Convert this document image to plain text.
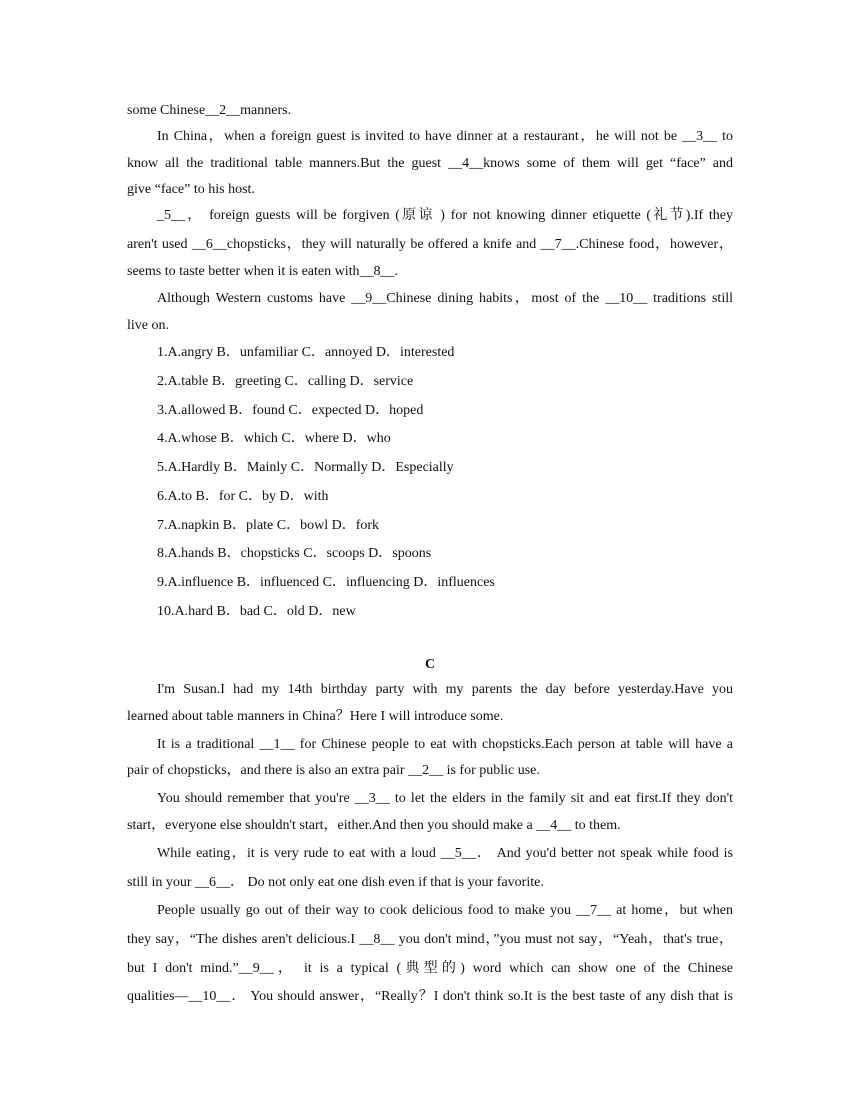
some Chinese__2__manners.
In China，when a foreign guest is invited to have dinner at a restaurant，he will not be __3__ to
know all the traditional table manners.But the guest __4__knows some of them will get “face” and
give “face” to his host.
_5__， foreign guests will be forgiven (原谅 ) for not knowing dinner etiquette (礼节).If they
aren't used __6__chopsticks，they will naturally be offered a knife and __7__.Chinese food，however，
seems to taste better when it is eaten with__8__.
Although Western customs have __9__Chinese dining habits，most of the __10__ traditions still
live on.
1.A.angry B．unfamiliar C．annoyed D．interested
2.A.table B．greeting C．calling D．service
3.A.allowed B．found C．expected D．hoped
4.A.whose B．which C．where D．who
5.A.Hardly B．Mainly C．Normally D．Especially
6.A.to B．for C．by D．with
7.A.napkin B．plate C．bowl D．fork
8.A.hands B．chopsticks C．scoops D．spoons
9.A.influence B．influenced C．influencing D．influences
10.A.hard B．bad C．old D．new
C
I'm Susan.I had my 14th birthday party with my parents the day before yesterday.Have you
learned about table manners in China？Here I will introduce some.
It is a traditional __1__ for Chinese people to eat with chopsticks.Each person at table will have a
pair of chopsticks，and there is also an extra pair __2__ is for public use.
You should remember that you're __3__ to let the elders in the family sit and eat first.If they don't
start，everyone else shouldn't start，either.And then you should make a __4__ to them.
While eating，it is very rude to eat with a loud __5__． And you'd better not speak while food is
still in your __6__． Do not only eat one dish even if that is your favorite.
People usually go out of their way to cook delicious food to make you __7__ at home，but when
they say，“The dishes aren't delicious.I __8__ you don't mind，”you must not say，“Yeah，that's true，
but I don't mind.”__9__， it is a typical (典型的) word which can show one of the Chinese
qualities—__10__． You should answer，“Really？I don't think so.It is the best taste of any dish that is
